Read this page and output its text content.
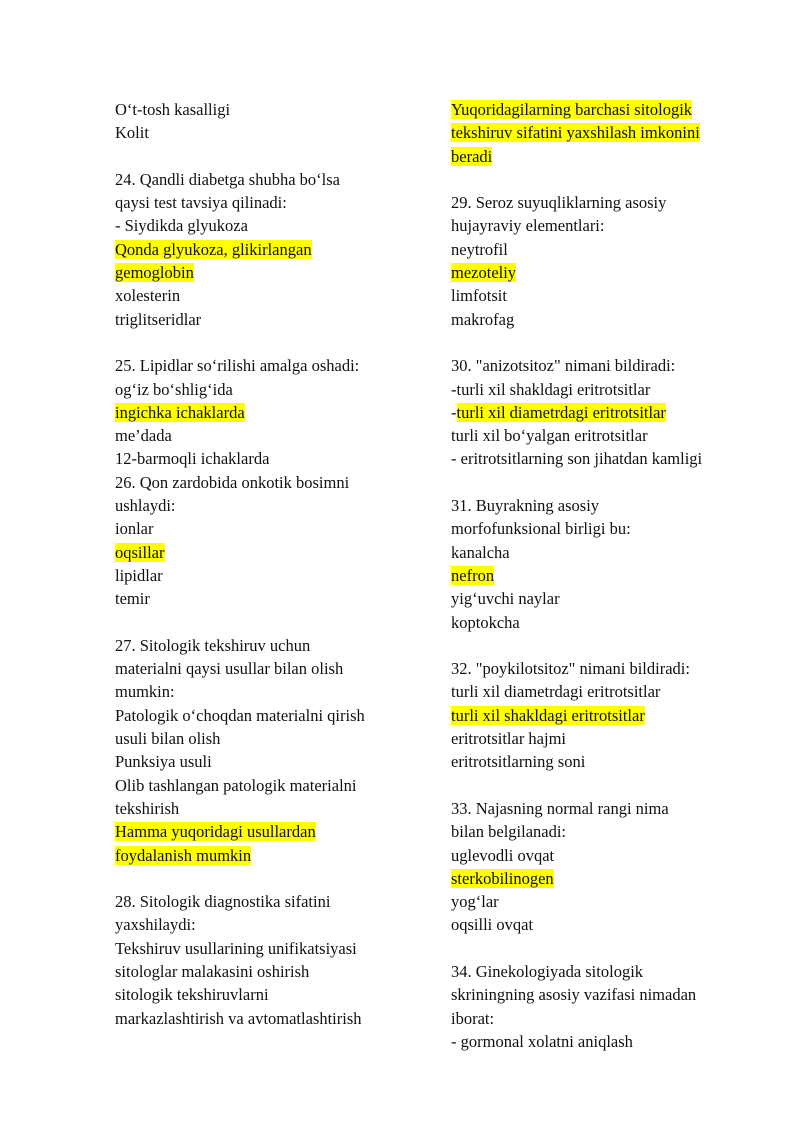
O‘t-tosh kasalligi
Kolit
24. Qandli diabetga shubha bo‘lsa
qaysi test tavsiya qilinadi:
- Siydikda glyukoza
Qonda glyukoza, glikirlangan
gemoglobin
xolesterin
triglitseridlar
25. Lipidlar so‘rilishi amalga oshadi:
og‘iz bo‘shlig‘ida
ingichka ichaklarda
me’dada
12-barmoqli ichaklarda
26. Qon zardobida onkotik bosimni
ushlaydi:
ionlar
oqsillar
lipidlar
temir
27. Sitologik tekshiruv uchun
materialni qaysi usullar bilan olish
mumkin:
Patologik o‘choqdan materialni qirish
usuli bilan olish
Punksiya usuli
Olib tashlangan patologik materialni
tekshirish
Hamma yuqoridagi usullardan
foydalanish mumkin
28. Sitologik diagnostika sifatini
yaxshilaydi:
Tekshiruv usullarining unifikatsiyasi
sitologlar malakasini oshirish
sitologik tekshiruvlarni
markazlashtirish va avtomatlashtirish
Yuqoridagilarning barchasi sitologik
tekshiruv sifatini yaxshilash imkonini
beradi
29. Seroz suyuqliklarning asosiy
hujayraviy elementlari:
neytrofil
mezoteliy
limfotsit
makrofag
30. "anizotsitoz" nimani bildiradi:
-turli xil shakldagi eritrotsitlar
-turli xil diametrdagi eritrotsitlar
turli xil bo‘yalgan eritrotsitlar
- eritrotsitlarning son jihatdan kamligi
31. Buyrakning asosiy
morfofunksional birligi bu:
kanalcha
nefron
yig‘uvchi naylar
koptokcha
32. "poykilotsitoz" nimani bildiradi:
turli xil diametrdagi eritrotsitlar
turli xil shakldagi eritrotsitlar
eritrotsitlar hajmi
eritrotsitlarning soni
33. Najasning normal rangi nima
bilan belgilanadi:
uglevodli ovqat
sterkobilinogen
yog‘lar
oqsilli ovqat
34. Ginekologiyada sitologik
skriningning asosiy vazifasi nimadan
iborat:
- gormonal xolatni aniqlash
